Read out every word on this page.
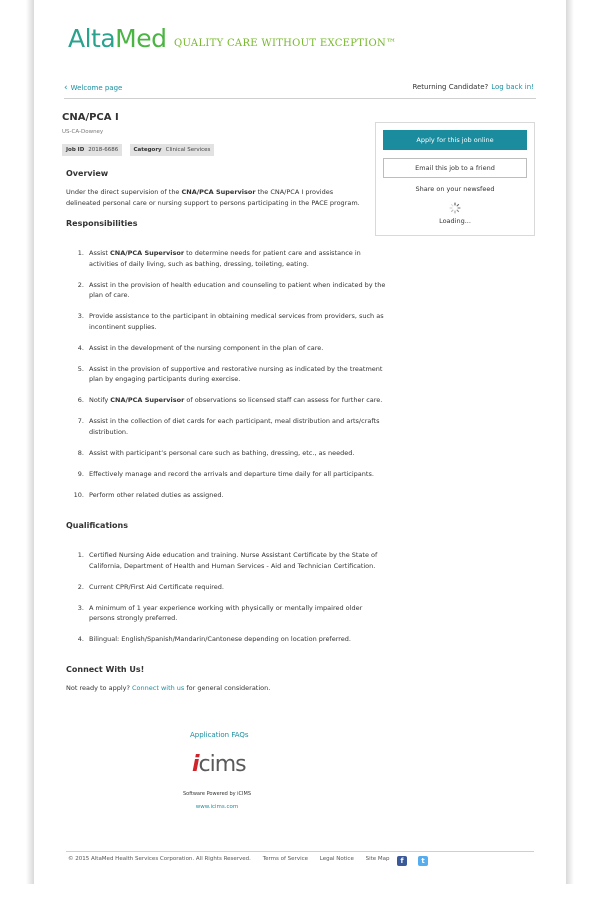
AltaMed QUALITY CARE WITHOUT EXCEPTION™
‹ Welcome page	Returning Candidate? Log back in!
CNA/PCA I
US-CA-Downey
Job ID 2018-6686	Category Clinical Services
Overview
Under the direct supervision of the CNA/PCA Supervisor the CNA/PCA I provides delineated personal care or nursing support to persons participating in the PACE program.
Responsibilities
1. Assist CNA/PCA Supervisor to determine needs for patient care and assistance in activities of daily living, such as bathing, dressing, toileting, eating.
2. Assist in the provision of health education and counseling to patient when indicated by the plan of care.
3. Provide assistance to the participant in obtaining medical services from providers, such as incontinent supplies.
4. Assist in the development of the nursing component in the plan of care.
5. Assist in the provision of supportive and restorative nursing as indicated by the treatment plan by engaging participants during exercise.
6. Notify CNA/PCA Supervisor of observations so licensed staff can assess for further care.
7. Assist in the collection of diet cards for each participant, meal distribution and arts/crafts distribution.
8. Assist with participant’s personal care such as bathing, dressing, etc., as needed.
9. Effectively manage and record the arrivals and departure time daily for all participants.
10. Perform other related duties as assigned.
Qualifications
1. Certified Nursing Aide education and training. Nurse Assistant Certificate by the State of California, Department of Health and Human Services - Aid and Technician Certification.
2. Current CPR/First Aid Certificate required.
3. A minimum of 1 year experience working with physically or mentally impaired older persons strongly preferred.
4. Bilingual: English/Spanish/Mandarin/Cantonese depending on location preferred.
Connect With Us!
Not ready to apply? Connect with us for general consideration.
Apply for this job online
Email this job to a friend
Share on your newsfeed
Loading...
Application FAQs
icims
Software Powered by iCIMS
www.icims.com
© 2015 AltaMed Health Services Corporation. All Rights Reserved. Terms of Service Legal Notice Site Map	f	t
